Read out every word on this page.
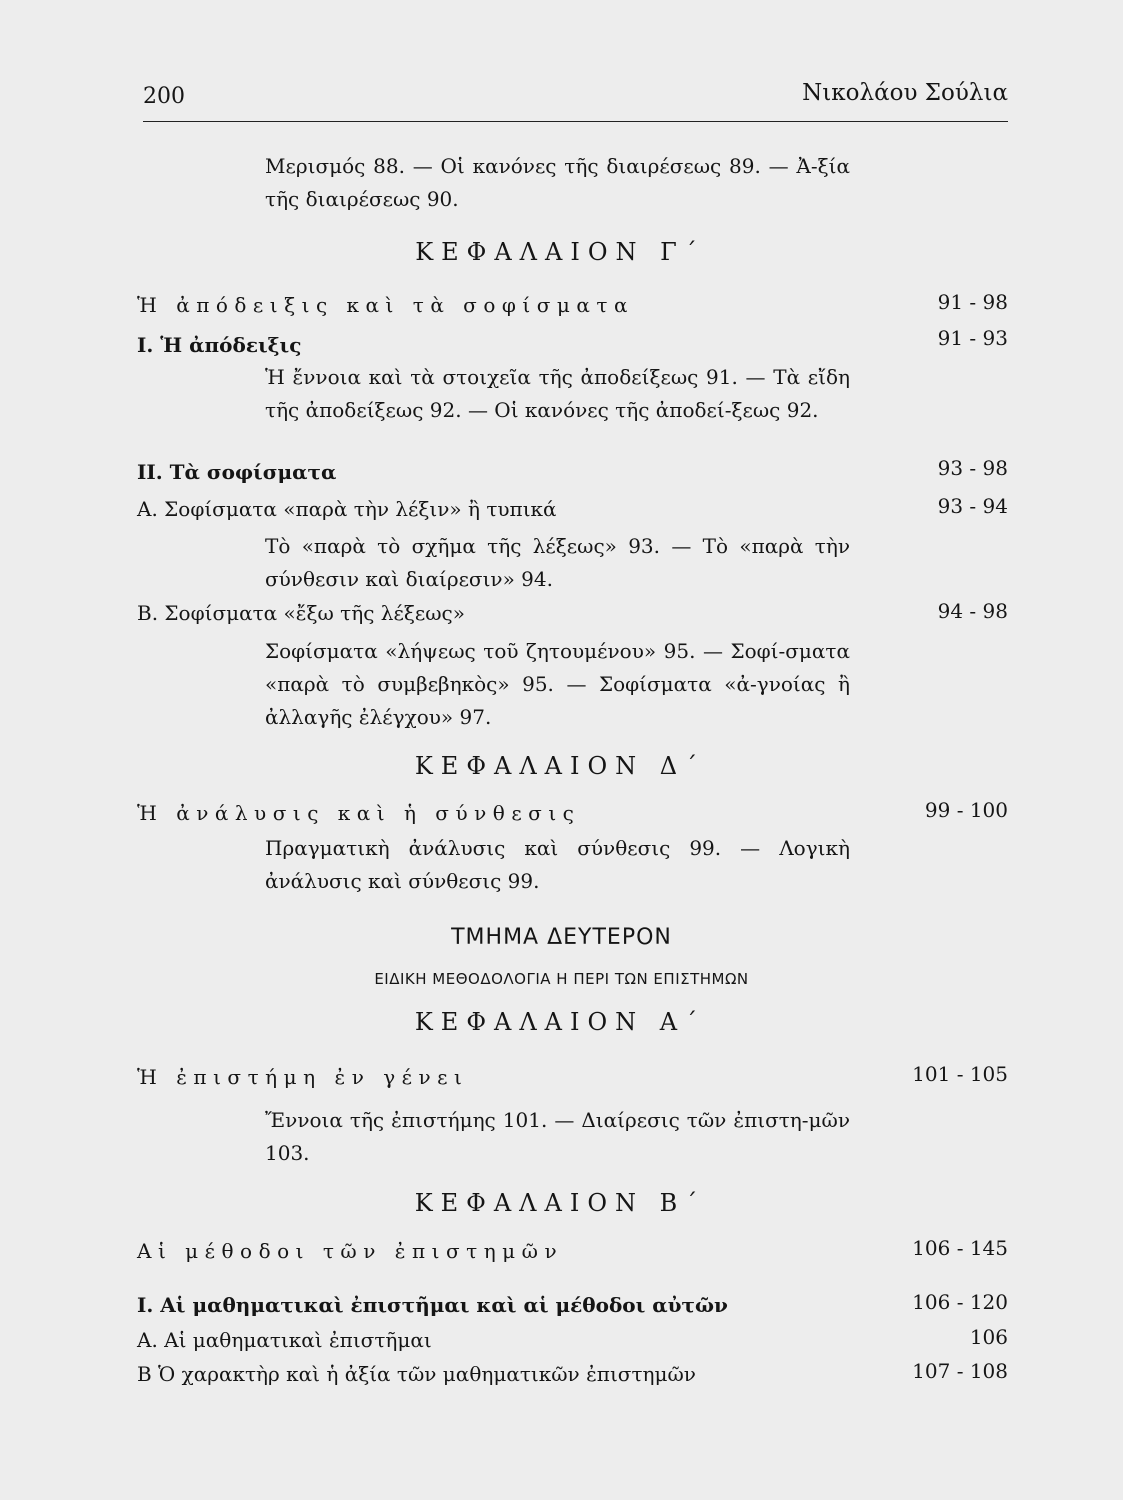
200	Νικολάου Σούλια
Μερισμός 88. — Οἱ κανόνες τῆς διαιρέσεως 89. — Ἀ-ξία τῆς διαιρέσεως 90.
ΚΕΦΑΛΑΙΟΝ Γ΄
Ἡ ἀπόδειξις καὶ τὰ σοφίσματα	91 - 98
I. Ἡ ἀπόδειξις	91 - 93
Ἡ ἔννοια καὶ τὰ στοιχεῖα τῆς ἀποδείξεως 91. — Τὰ εἴδη τῆς ἀποδείξεως 92. — Οἱ κανόνες τῆς ἀποδεί-ξεως 92.
II. Τὰ σοφίσματα	93 - 98
Α. Σοφίσματα «παρὰ τὴν λέξιν» ἢ τυπικά	93 - 94
Τὸ «παρὰ τὸ σχῆμα τῆς λέξεως» 93. — Τὸ «παρὰ τὴν σύνθεσιν καὶ διαίρεσιν» 94.
Β. Σοφίσματα «ἔξω τῆς λέξεως»	94 - 98
Σοφίσματα «λήψεως τοῦ ζητουμένου» 95. — Σοφί-σματα «παρὰ τὸ συμβεβηκὸς» 95. — Σοφίσματα «ἀ-γνοίας ἢ ἀλλαγῆς ἐλέγχου» 97.
ΚΕΦΑΛΑΙΟΝ Δ΄
Ἡ ἀνάλυσις καὶ ἡ σύνθεσις	99 - 100
Πραγματικὴ ἀνάλυσις καὶ σύνθεσις 99. — Λογικὴ ἀνάλυσις καὶ σύνθεσις 99.
ΤΜΗΜΑ ΔΕΥΤΕΡΟΝ
ΕΙΔΙΚΗ ΜΕΘΟΔΟΛΟΓΙΑ Η ΠΕΡΙ ΤΩΝ ΕΠΙΣΤΗΜΩΝ
ΚΕΦΑΛΑΙΟΝ Α΄
Ἡ ἐπιστήμη ἐν γένει	101 - 105
Ἔννοια τῆς ἐπιστήμης 101. — Διαίρεσις τῶν ἐπιστη-μῶν 103.
ΚΕΦΑΛΑΙΟΝ Β΄
Αἱ μέθοδοι τῶν ἐπιστημῶν	106 - 145
I. Αἱ μαθηματικαὶ ἐπιστῆμαι καὶ αἱ μέθοδοι αὐτῶν	106 - 120
Α. Αἱ μαθηματικαὶ ἐπιστῆμαι	106
Β Ὁ χαρακτὴρ καὶ ἡ ἀξία τῶν μαθηματικῶν ἐπιστημῶν	107 - 108
